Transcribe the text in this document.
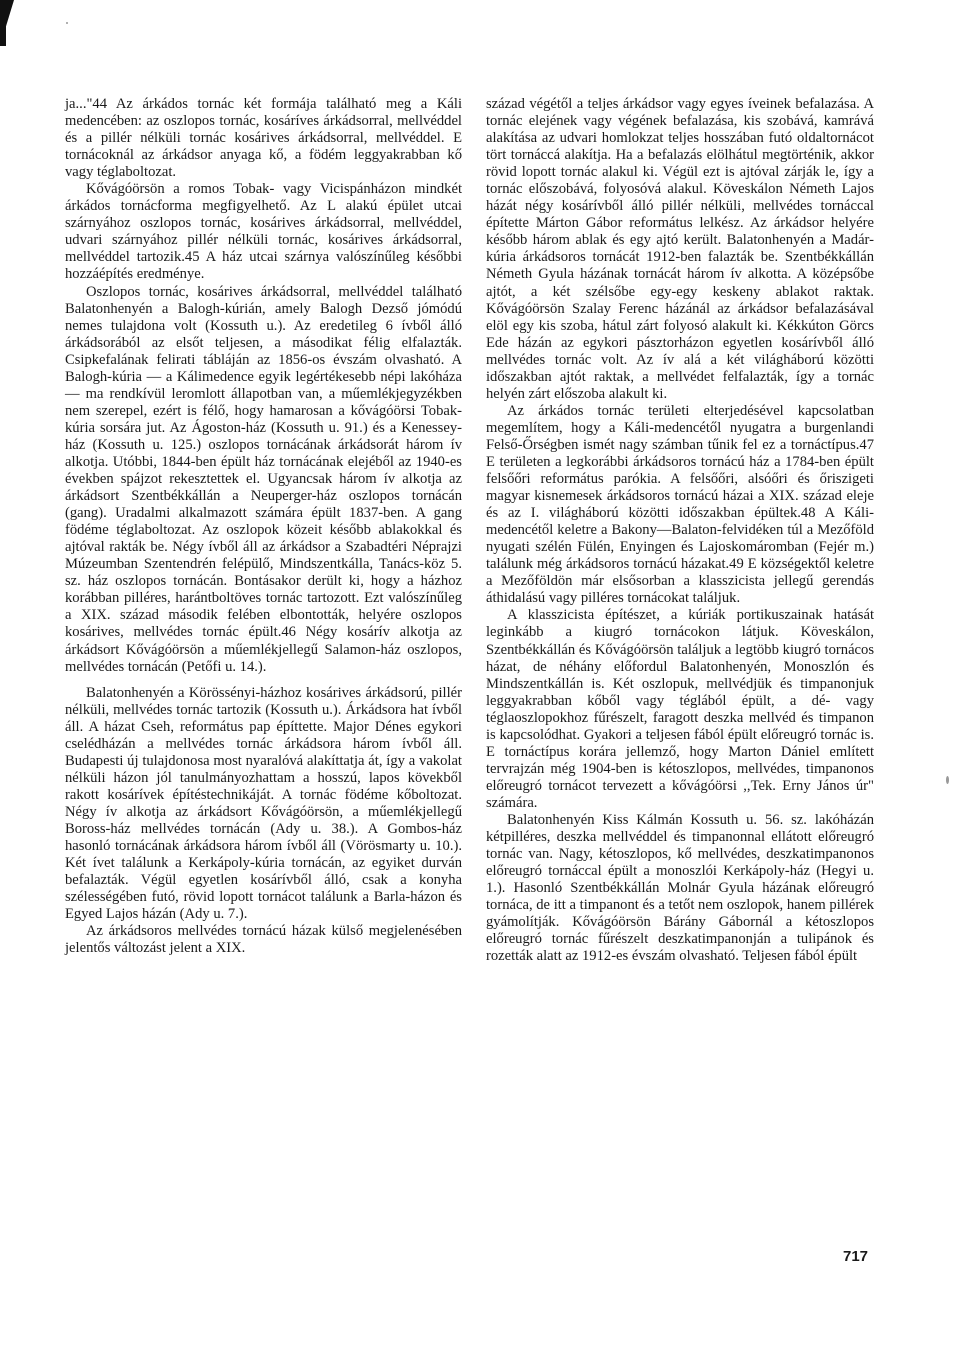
ja..."44 Az árkádos tornác két formája található meg a Káli medencében: az oszlopos tornác, kosáríves árkádsorral, mellvéddel és a pillér nélküli tornác kosárives árkádsorral, mellvéddel. E tornácoknál az árkádsor anyaga kő, a födém leggyakrabban kő vagy téglaboltozat.

Kővágóörsön a romos Tobak- vagy Vicispánházon mindkét árkádos tornácforma megfigyelhető. Az L alakú épület utcai szárnyához oszlopos tornác, kosárives árkádsorral, mellvéddel, udvari szárnyához pillér nélküli tornác, kosárives árkádsorral, mellvéddel tartozik.45 A ház utcai szárnya valószínűleg későbbi hozzáépítés eredménye.

Oszlopos tornác, kosárives árkádsorral, mellvéddel található Balatonhenyén a Balogh-kúrián, amely Balogh Dezső jómódú nemes tulajdona volt (Kossuth u.). Az eredetileg 6 ívből álló árkádsorából az elsőt teljesen, a másodikat félig elfalazták. Csipkefalának felirati tábláján az 1856-os évszám olvasható. A Balogh-kúria — a Kálimedence egyik legértékesebb népi lakóháza — ma rendkívül leromlott állapotban van, a műemlékjegyzékben nem szerepel, ezért is félő, hogy hamarosan a kővágóörsi Tobak-kúria sorsára jut. Az Ágoston-ház (Kossuth u. 91.) és a Kenessey-ház (Kossuth u. 125.) oszlopos tornácának árkádsorát három ív alkotja. Utóbbi, 1844-ben épült ház tornácának elejéből az 1940-es években spájzot rekesztettek el. Ugyancsak három ív alkotja az árkádsort Szentbékkállán a Neuperger-ház oszlopos tornácán (gang). Uradalmi alkalmazott számára épült 1837-ben. A gang födéme téglaboltozat. Az oszlopok közeit később ablakokkal és ajtóval rakták be. Négy ívből áll az árkádsor a Szabadtéri Néprajzi Múzeumban Szentendrén felépülő, Mindszentkálla, Tanács-köz 5. sz. ház oszlopos tornácán. Bontásakor derült ki, hogy a házhoz korábban pilléres, harántboltöves tornác tartozott. Ezt valószínűleg a XIX. század második felében elbontották, helyére oszlopos kosárives, mellvédes tornác épült.46 Négy kosárív alkotja az árkádsort Kővágóörsön a műemlékjellegű Salamon-ház oszlopos, mellvédes tornácán (Petőfi u. 14.).

Balatonhenyén a Körössényi-házhoz kosárives árkádsorú, pillér nélküli, mellvédes tornác tartozik (Kossuth u.). Árkádsora hat ívből áll. A házat Cseh, református pap építtette. Major Dénes egykori cselédházán a mellvédes tornác árkádsora három ívből áll. Budapesti új tulajdonosa most nyaralóvá alakíttatja át, így a vakolat nélküli házon jól tanulmányozhattam a hosszú, lapos kövekből rakott kosárívek építéstechnikáját. A tornác födéme kőboltozat. Négy ív alkotja az árkádsort Kővágóörsön, a műemlékjellegű Boross-ház mellvédes tornácán (Ady u. 38.). A Gombos-ház hasonló tornácának árkádsora három ívből áll (Vörösmarty u. 10.). Két ívet találunk a Kerkápoly-kúria tornácán, az egyiket durván befalazták. Végül egyetlen kosárívből álló, csak a konyha szélességében futó, rövid lopott tornácot találunk a Barla-házon és Egyed Lajos házán (Ady u. 7.).

Az árkádsoros mellvédes tornácú házak külső megjelenésében jelentős változást jelent a XIX.

század végétől a teljes árkádsor vagy egyes íveinek befalazása. A tornác elejének vagy végének befalazása, kis szobává, kamrává alakítása az udvari homlokzat teljes hosszában futó oldaltornácot tört tornáccá alakítja. Ha a befalazás elölhátul megtörténik, akkor rövid lopott tornác alakul ki. Végül ezt is ajtóval zárják le, így a tornác előszobává, folyosóvá alakul. Köveskálon Németh Lajos házát négy kosárívből álló pillér nélküli, mellvédes tornáccal építette Márton Gábor református lelkész. Az árkádsor helyére később három ablak és egy ajtó került. Balatonhenyén a Madár-kúria árkádsoros tornácát 1912-ben falazták be. Szentbékkállán Németh Gyula házának tornácát három ív alkotta. A középsőbe ajtót, a két szélsőbe egy-egy keskeny ablakot raktak. Kővágóörsön Szalay Ferenc házánál az árkádsor befalazásával elöl egy kis szoba, hátul zárt folyosó alakult ki. Kékkúton Görcs Ede házán az egykori pásztorházon egyetlen kosárívből álló mellvédes tornác volt. Az ív alá a két világháború közötti időszakban ajtót raktak, a mellvédet felfalazták, így a tornác helyén zárt előszoba alakult ki.

Az árkádos tornác területi elterjedésével kapcsolatban megemlítem, hogy a Káli-medencétől nyugatra a burgenlandi Felső-Őrségben ismét nagy számban tűnik fel ez a tornáctípus.47 E területen a legkorábbi árkádsoros tornácú ház a 1784-ben épült felsőőri református parókia. A felsőőri, alsóőri és őriszigeti magyar kisnemesek árkádsoros tornácú házai a XIX. század eleje és az I. világháború közötti időszakban épültek.48 A Káli-medencétől keletre a Bakony—Balaton-felvidéken túl a Mezőföld nyugati szélén Fülén, Enyingen és Lajoskomáromban (Fejér m.) találunk még árkádsoros tornácú házakat.49 E községektől keletre a Mezőföldön már elsősorban a klasszicista jellegű gerendás áthidalású vagy pilléres tornácokat találjuk.

A klasszicista építészet, a kúriák portikuszainak hatását leginkább a kiugró tornácokon látjuk. Köveskálon, Szentbékkállán és Kővágóörsön találjuk a legtöbb kiugró tornácos házat, de néhány előfordul Balatonhenyén, Monoszlón és Mindszentkállán is. Két oszlopuk, mellvédjük és timpanonjuk leggyakrabban kőből vagy téglából épült, a dé- vagy téglaoszlopokhoz fűrészelt, faragott deszka mellvéd és timpanon is kapcsolódhat. Gyakori a teljesen fából épült előreugró tornác is. E tornáctípus korára jellemző, hogy Marton Dániel említett tervrajzán még 1904-ben is kétoszlopos, mellvédes, timpanonos előreugró tornácot tervezett a kővágóörsi ,,Tek. Erny János úr" számára.

Balatonhenyén Kiss Kálmán Kossuth u. 56. sz. lakóházán kétpilléres, deszka mellvéddel és timpanonnal ellátott előreugró tornác van. Nagy, kétoszlopos, kő mellvédes, deszkatimpanonos előreugró tornáccal épült a monoszlói Kerkápoly-ház (Hegyi u. 1.). Hasonló Szentbékkállán Molnár Gyula házának előreugró tornáca, de itt a timpanont és a tetőt nem oszlopok, hanem pillérek gyámolítják. Kővágóörsön Bárány Gábornál a kétoszlopos előreugró tornác fűrészelt deszkatimpanonján a tulipánok és rozetták alatt az 1912-es évszám olvasható. Teljesen fából épült

717
